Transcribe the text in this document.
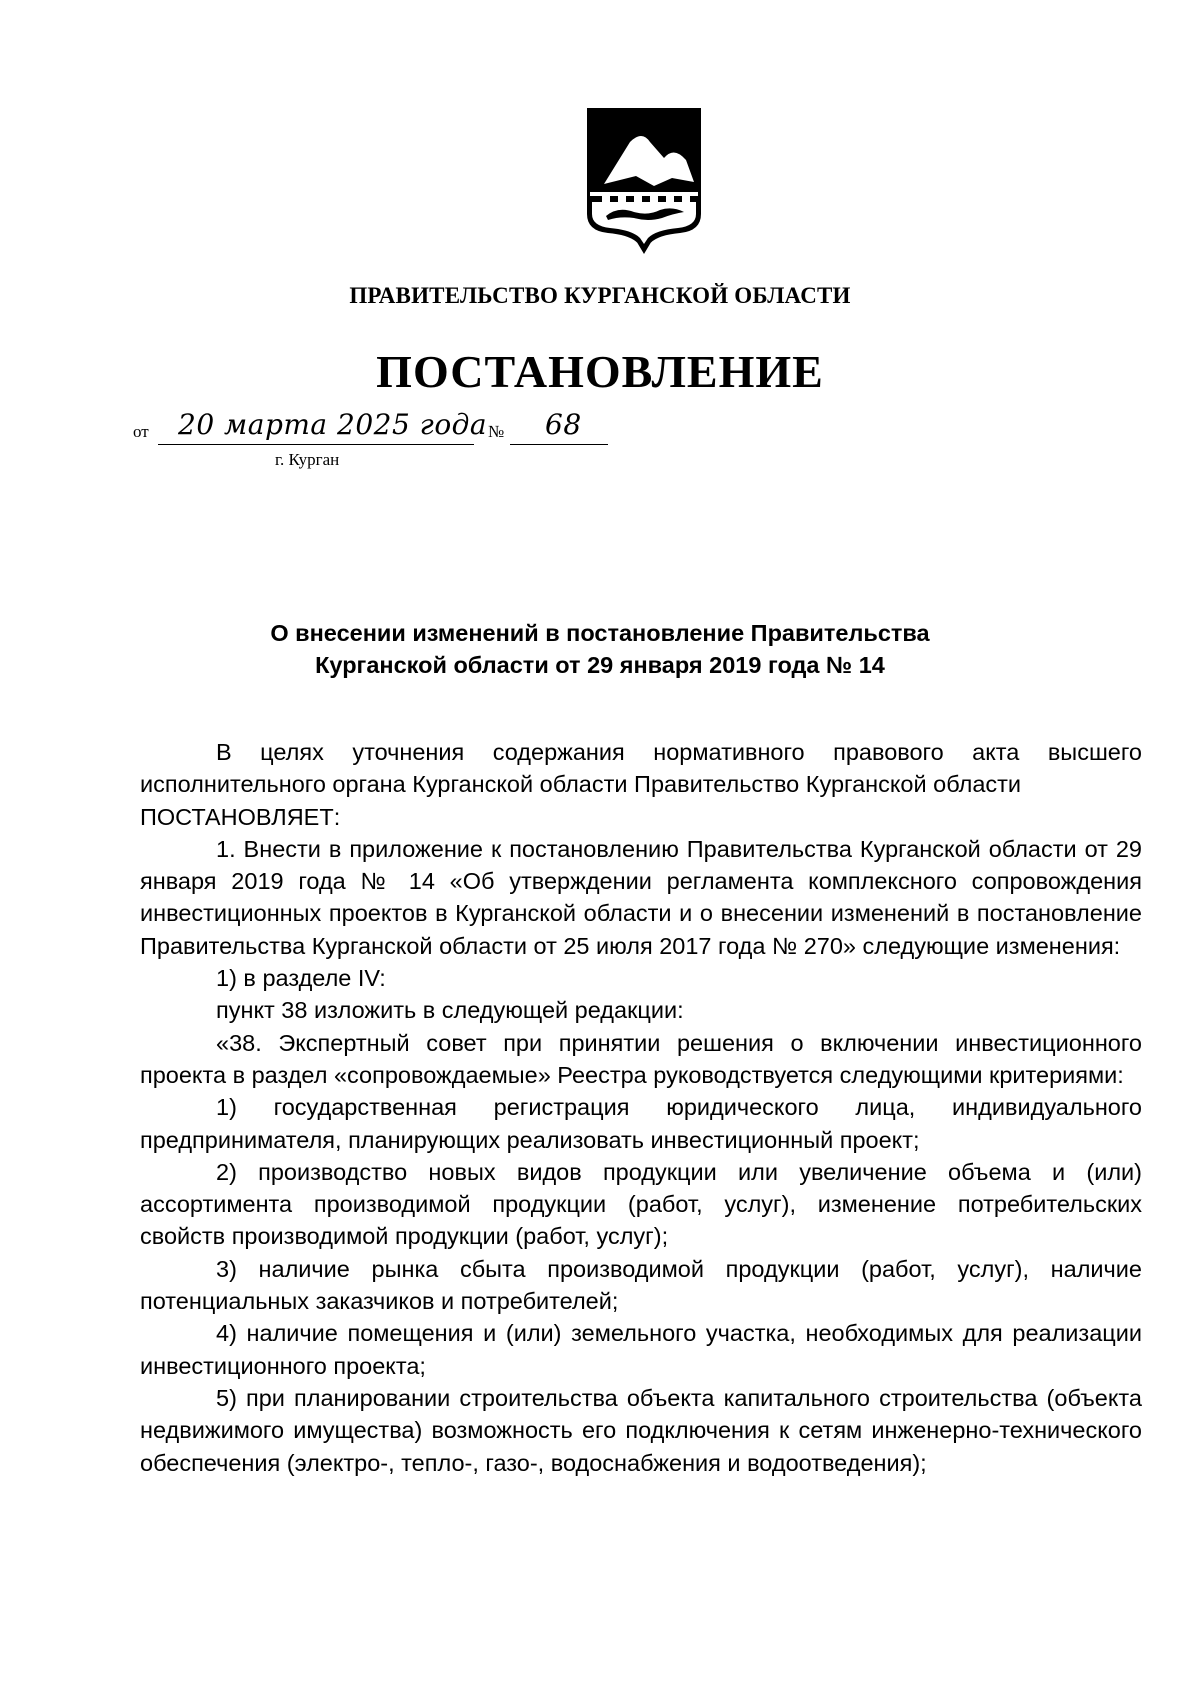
ПРАВИТЕЛЬСТВО КУРГАНСКОЙ ОБЛАСТИ
ПОСТАНОВЛЕНИЕ
от 20 марта 2025 года № 68
г. Курган
О внесении изменений в постановление Правительства
Курганской области от 29 января 2019 года № 14

В целях уточнения содержания нормативного правового акта высшего исполнительного органа Курганской области Правительство Курганской области

ПОСТАНОВЛЯЕТ:

1. Внести в приложение к постановлению Правительства Курганской области от 29 января 2019 года № 14 «Об утверждении регламента комплексного сопровождения инвестиционных проектов в Курганской области и о внесении изменений в постановление Правительства Курганской области от 25 июля 2017 года № 270» следующие изменения:

1) в разделе IV:

пункт 38 изложить в следующей редакции:

«38. Экспертный совет при принятии решения о включении инвестиционного проекта в раздел «сопровождаемые» Реестра руководствуется следующими критериями:

1) государственная регистрация юридического лица, индивидуального предпринимателя, планирующих реализовать инвестиционный проект;

2) производство новых видов продукции или увеличение объема и (или) ассортимента производимой продукции (работ, услуг), изменение потребительских свойств производимой продукции (работ, услуг);

3) наличие рынка сбыта производимой продукции (работ, услуг), наличие потенциальных заказчиков и потребителей;

4) наличие помещения и (или) земельного участка, необходимых для реализации инвестиционного проекта;

5) при планировании строительства объекта капитального строительства (объекта недвижимого имущества) возможность его подключения к сетям инженерно-технического обеспечения (электро-, тепло-, газо-, водоснабжения и водоотведения);
